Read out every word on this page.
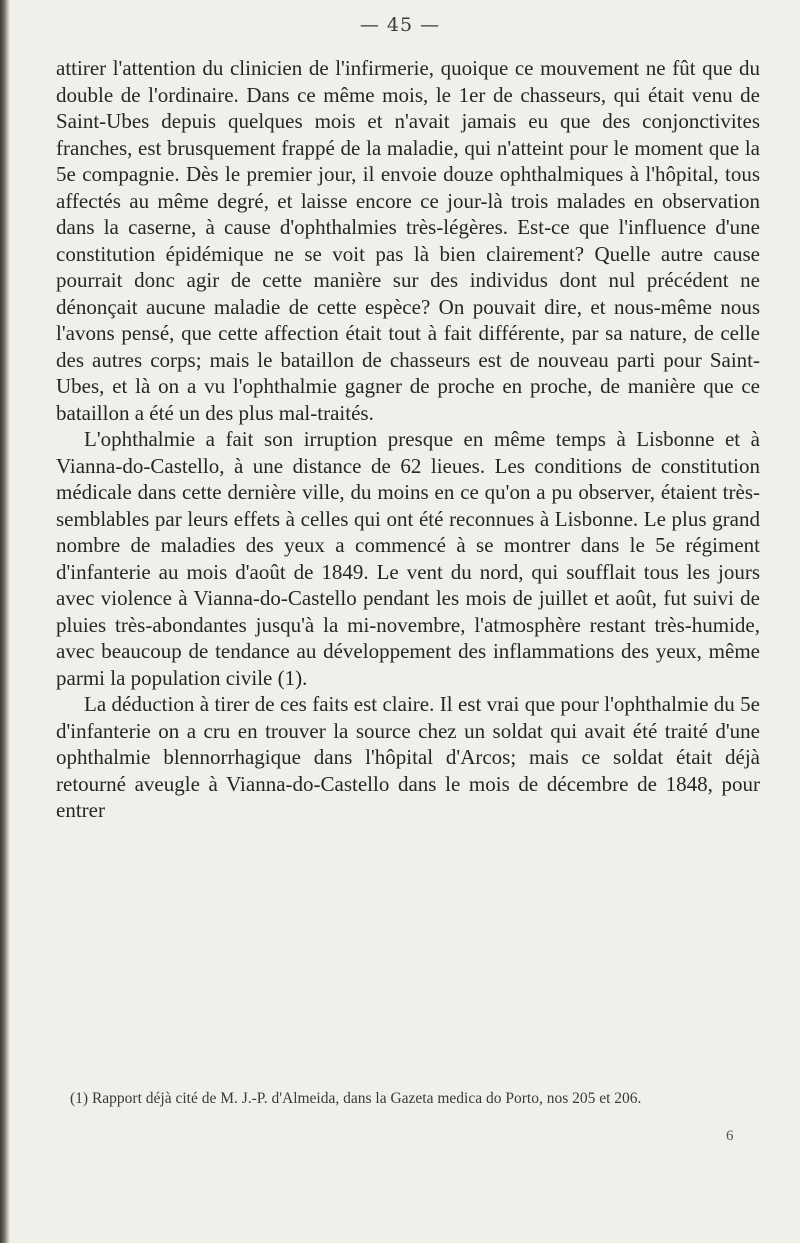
— 45 —

attirer l'attention du clinicien de l'infirmerie, quoique ce mouvement ne fût que du double de l'ordinaire. Dans ce même mois, le 1er de chasseurs, qui était venu de Saint-Ubes depuis quelques mois et n'avait jamais eu que des conjonctivites franches, est brusquement frappé de la maladie, qui n'atteint pour le moment que la 5e compagnie. Dès le premier jour, il envoie douze ophthalmiques à l'hôpital, tous affectés au même degré, et laisse encore ce jour-là trois malades en observation dans la caserne, à cause d'ophthalmies très-légères. Est-ce que l'influence d'une constitution épidémique ne se voit pas là bien clairement? Quelle autre cause pourrait donc agir de cette manière sur des individus dont nul précédent ne dénonçait aucune maladie de cette espèce? On pouvait dire, et nous-même nous l'avons pensé, que cette affection était tout à fait différente, par sa nature, de celle des autres corps; mais le bataillon de chasseurs est de nouveau parti pour Saint-Ubes, et là on a vu l'ophthalmie gagner de proche en proche, de manière que ce bataillon a été un des plus mal-traités.

L'ophthalmie a fait son irruption presque en même temps à Lisbonne et à Vianna-do-Castello, à une distance de 62 lieues. Les conditions de constitution médicale dans cette dernière ville, du moins en ce qu'on a pu observer, étaient très-semblables par leurs effets à celles qui ont été reconnues à Lisbonne. Le plus grand nombre de maladies des yeux a commencé à se montrer dans le 5e régiment d'infanterie au mois d'août de 1849. Le vent du nord, qui soufflait tous les jours avec violence à Vianna-do-Castello pendant les mois de juillet et août, fut suivi de pluies très-abondantes jusqu'à la mi-novembre, l'atmosphère restant très-humide, avec beaucoup de tendance au développement des inflammations des yeux, même parmi la population civile (1).

La déduction à tirer de ces faits est claire. Il est vrai que pour l'ophthalmie du 5e d'infanterie on a cru en trouver la source chez un soldat qui avait été traité d'une ophthalmie blennorrhagique dans l'hôpital d'Arcos; mais ce soldat était déjà retourné aveugle à Vianna-do-Castello dans le mois de décembre de 1848, pour entrer

(1) Rapport déjà cité de M. J.-P. d'Almeida, dans la Gazeta medica do Porto, nos 205 et 206.
6
